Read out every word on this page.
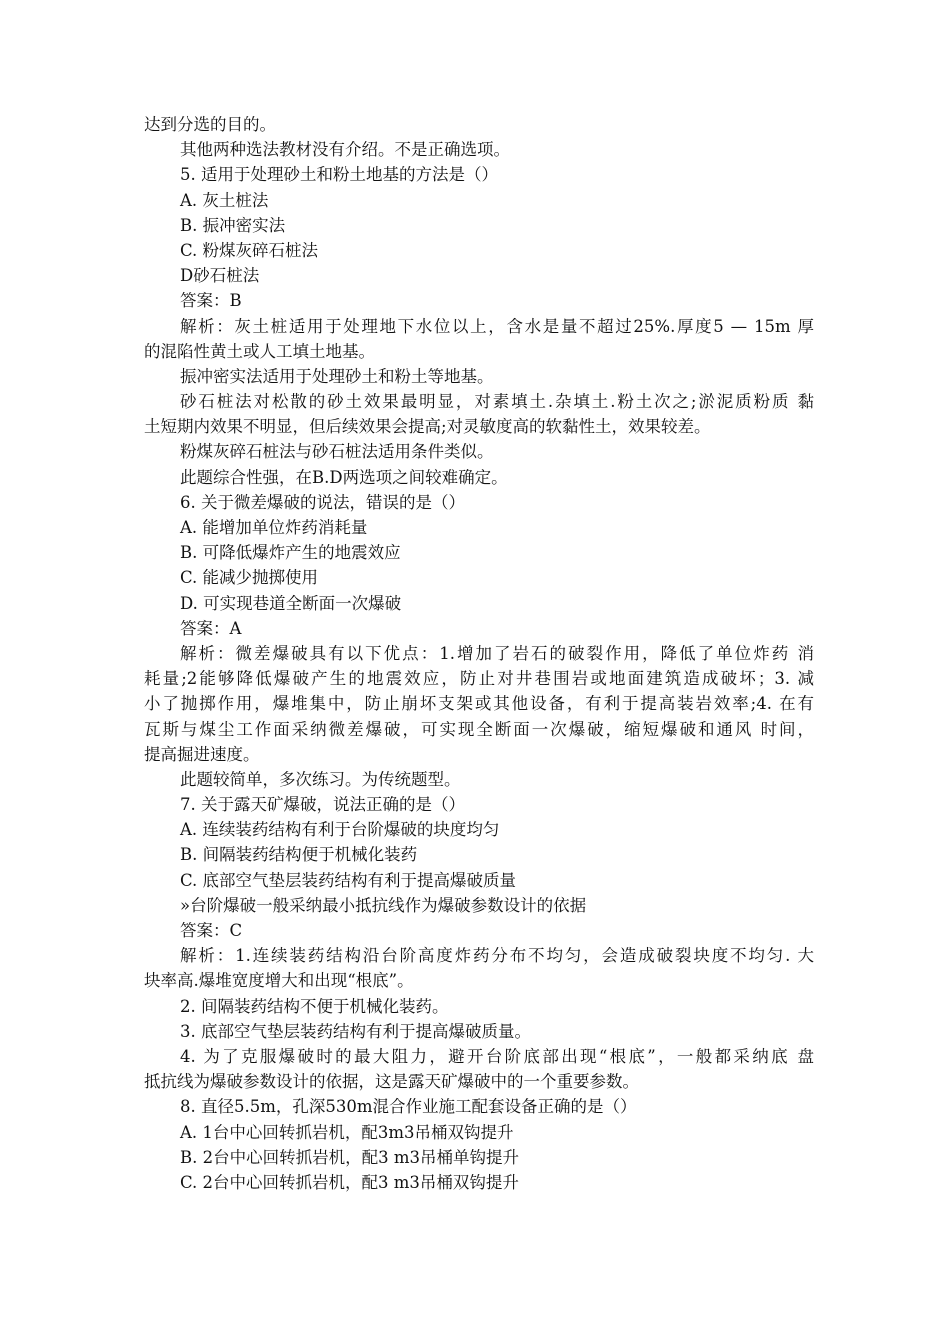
达到分选的目的。

其他两种选法教材没有介绍。不是正确选项。

5. 适用于处理砂土和粉土地基的方法是（）

A. 灰土桩法

B. 振冲密实法

C. 粉煤灰碎石桩法

D砂石桩法

答案：B

解析：灰土桩适用于处理地下水位以上，含水是量不超过25%.厚度5 — 15m 厚

的混陷性黄土或人工填土地基。

振冲密实法适用于处理砂土和粉土等地基。

砂石桩法对松散的砂土效果最明显，对素填土.杂填土.粉土次之;淤泥质粉质 黏

土短期内效果不明显，但后续效果会提高;对灵敏度高的软黏性土，效果较差。

粉煤灰碎石桩法与砂石桩法适用条件类似。

此题综合性强，在B.D两选项之间较难确定。

6. 关于微差爆破的说法，错误的是（）

A. 能增加单位炸药消耗量

B. 可降低爆炸产生的地震效应

C. 能减少抛掷使用

D. 可实现巷道全断面一次爆破

答案：A

解析：微差爆破具有以下优点：1.增加了岩石的破裂作用，降低了单位炸药 消

耗量;2能够降低爆破产生的地震效应，防止对井巷围岩或地面建筑造成破坏；3. 减

小了抛掷作用，爆堆集中，防止崩坏支架或其他设备，有利于提高装岩效率;4. 在有

瓦斯与煤尘工作面采纳微差爆破，可实现全断面一次爆破，缩短爆破和通风 时间，

提高掘进速度。

此题较简单，多次练习。为传统题型。

7. 关于露天矿爆破，说法正确的是（）

A. 连续装药结构有利于台阶爆破的块度均匀

B. 间隔装药结构便于机械化装药

C. 底部空气垫层装药结构有利于提高爆破质量

»台阶爆破一般采纳最小抵抗线作为爆破参数设计的依据

答案：C

解析：1.连续装药结构沿台阶高度炸药分布不均匀，会造成破裂块度不均匀. 大

块率高.爆堆宽度增大和出现“根底”。

2. 间隔装药结构不便于机械化装药。

3. 底部空气垫层装药结构有利于提高爆破质量。

4. 为了克服爆破时的最大阻力，避开台阶底部出现“根底”，一般都采纳底 盘

抵抗线为爆破参数设计的依据，这是露天矿爆破中的一个重要参数。

8. 直径5.5m，孔深530m混合作业施工配套设备正确的是（）

A. 1台中心回转抓岩机，配3m3吊桶双钩提升

B. 2台中心回转抓岩机，配3 m3吊桶单钩提升

C. 2台中心回转抓岩机，配3 m3吊桶双钩提升
